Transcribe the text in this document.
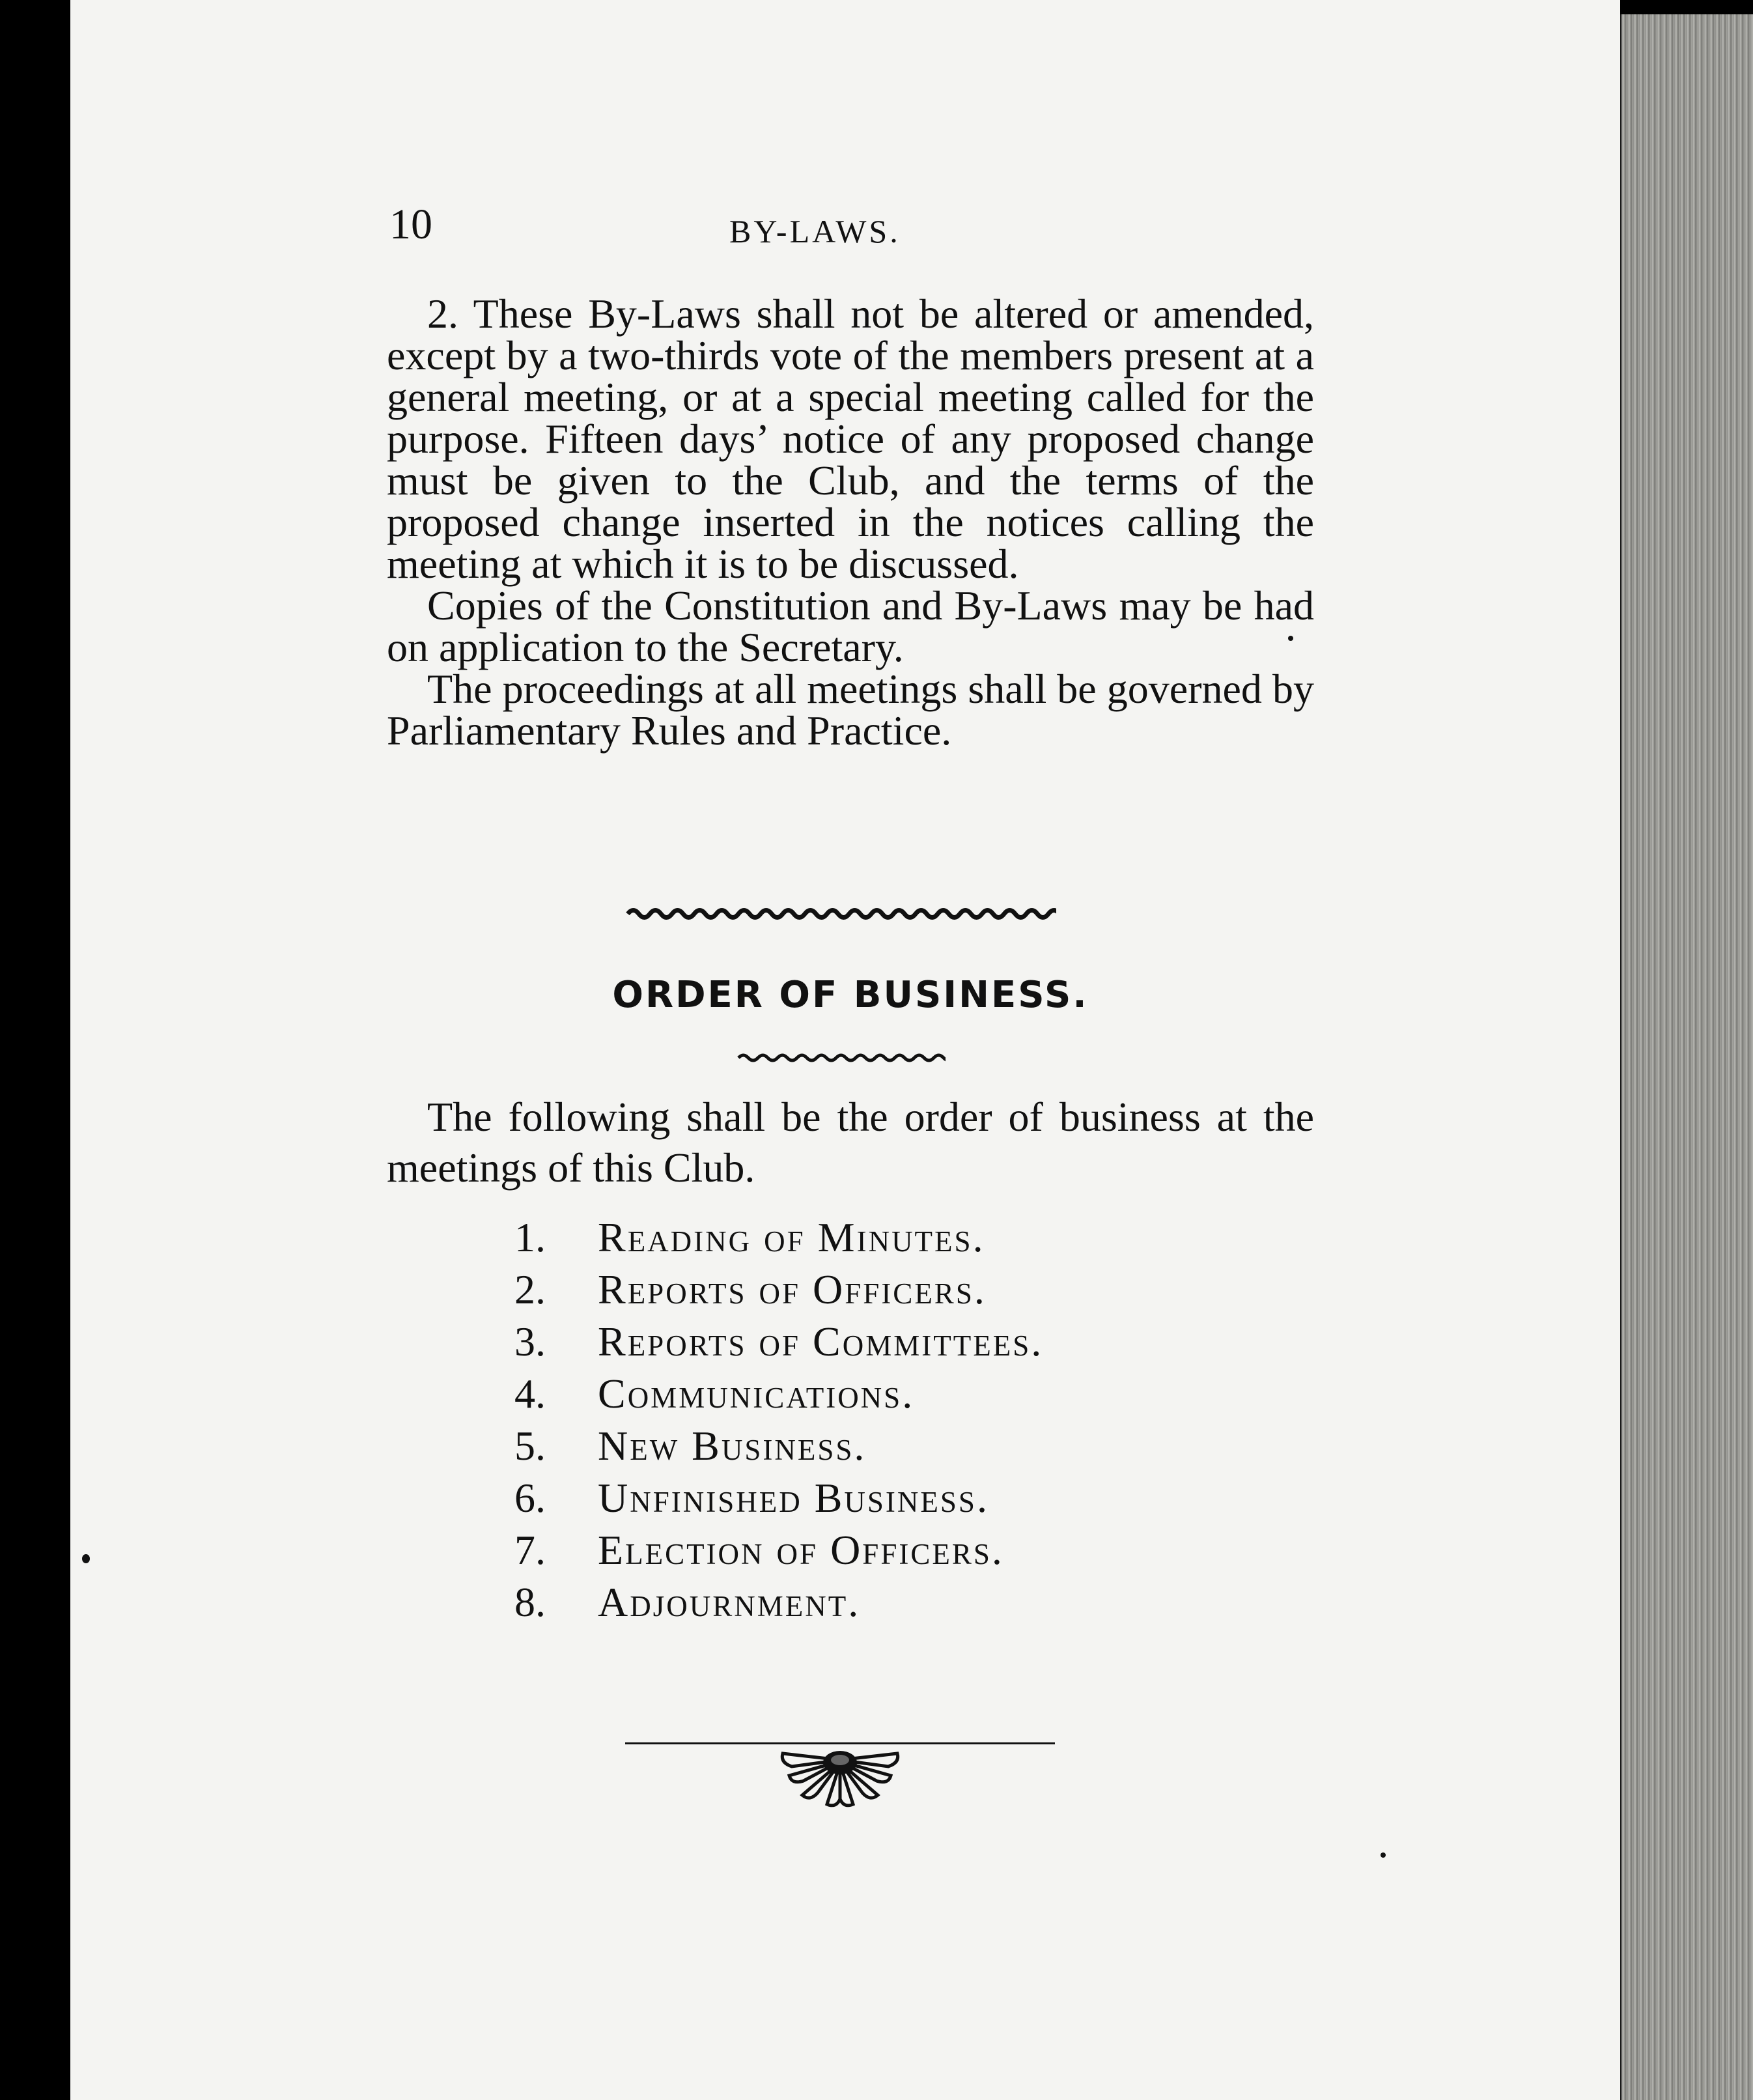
10	BY-LAWS.

2. These By-Laws shall not be altered or amended, except by a two-thirds vote of the members present at a general meeting, or at a special meeting called for the purpose. Fifteen days’ notice of any proposed change must be given to the Club, and the terms of the proposed change inserted in the notices calling the meeting at which it is to be discussed.

Copies of the Constitution and By-Laws may be had on application to the Secretary.

The proceedings at all meetings shall be governed by Parliamentary Rules and Practice.

ORDER OF BUSINESS.

The following shall be the order of business at the meetings of this Club.

1. Reading of Minutes.
2. Reports of Officers.
3. Reports of Committees.
4. Communications.
5. New Business.
6. Unfinished Business.
7. Election of Officers.
8. Adjournment.
